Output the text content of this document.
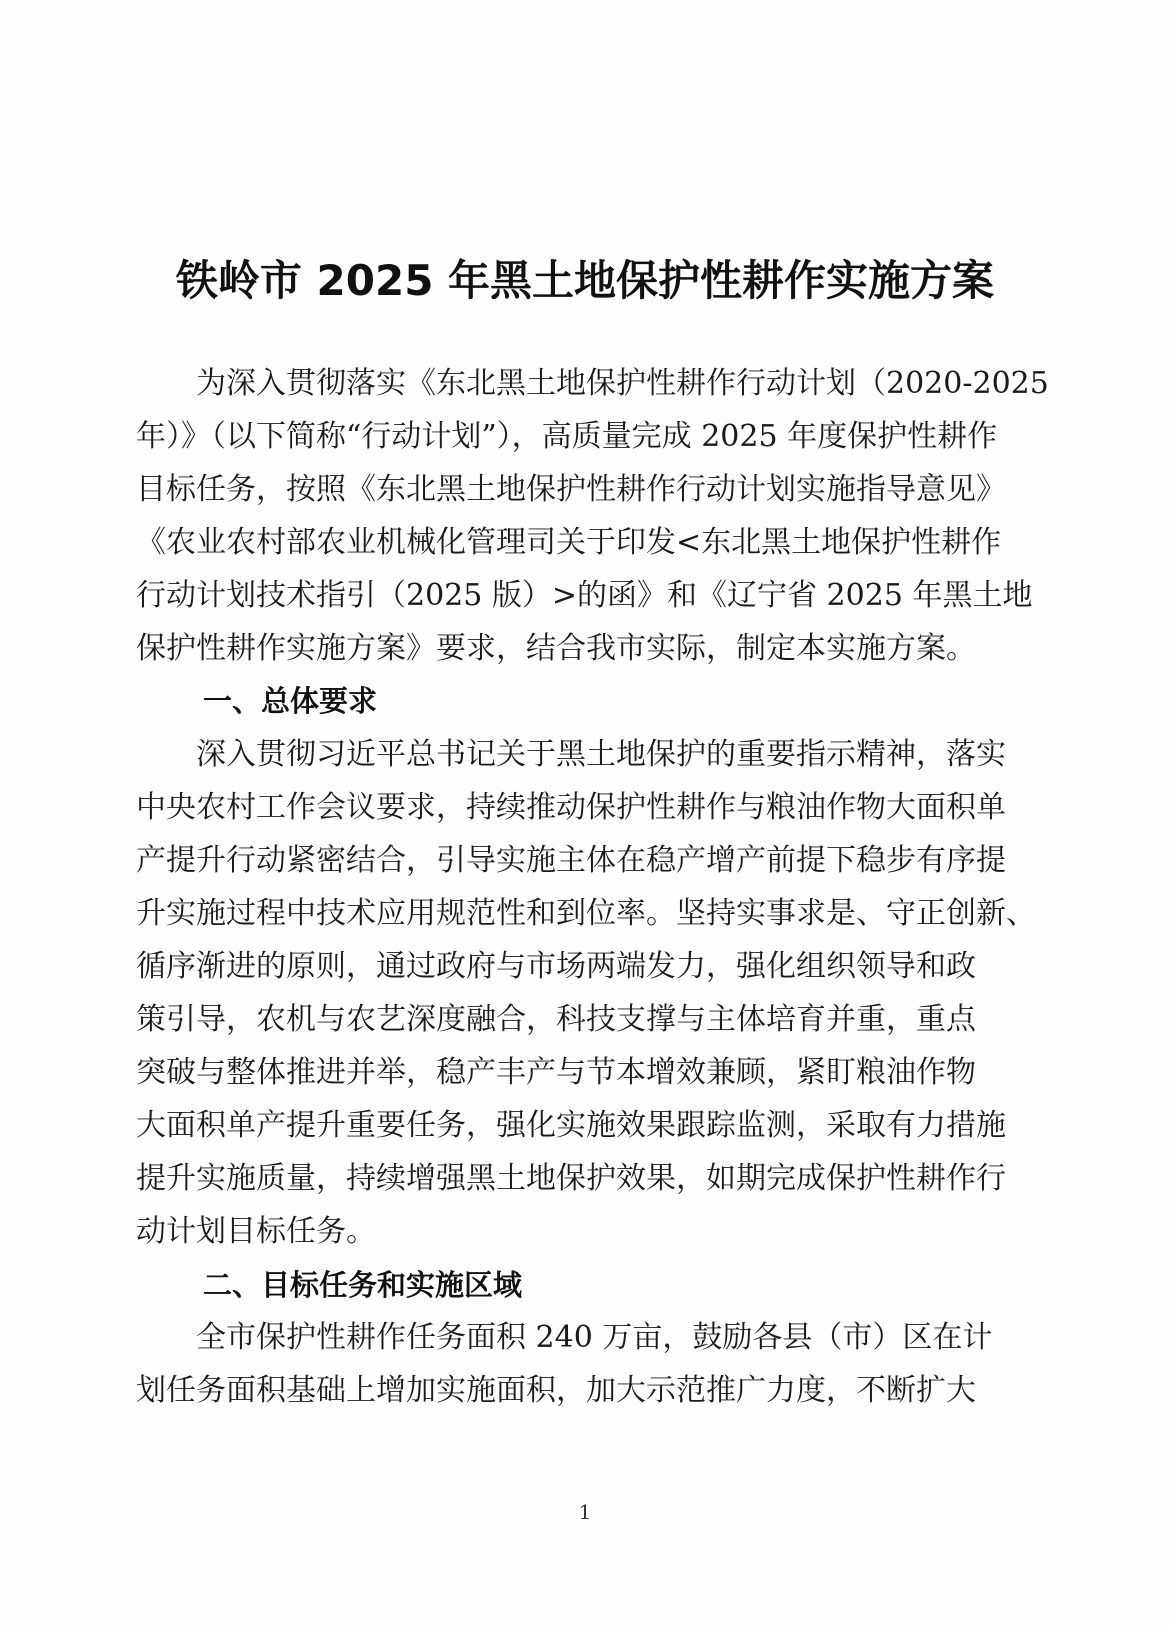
铁岭市 2025 年黑土地保护性耕作实施方案

为深入贯彻落实《东北黑土地保护性耕作行动计划（2020-2025

年）》（以下简称“行动计划”），高质量完成 2025 年度保护性耕作

目标任务，按照《东北黑土地保护性耕作行动计划实施指导意见》

《农业农村部农业机械化管理司关于印发<东北黑土地保护性耕作

行动计划技术指引（2025 版）>的函》和《辽宁省 2025 年黑土地

保护性耕作实施方案》要求，结合我市实际，制定本实施方案。

一、总体要求

深入贯彻习近平总书记关于黑土地保护的重要指示精神，落实

中央农村工作会议要求，持续推动保护性耕作与粮油作物大面积单

产提升行动紧密结合，引导实施主体在稳产增产前提下稳步有序提

升实施过程中技术应用规范性和到位率。坚持实事求是、守正创新、

循序渐进的原则，通过政府与市场两端发力，强化组织领导和政

策引导，农机与农艺深度融合，科技支撑与主体培育并重，重点

突破与整体推进并举，稳产丰产与节本增效兼顾，紧盯粮油作物

大面积单产提升重要任务，强化实施效果跟踪监测，采取有力措施

提升实施质量，持续增强黑土地保护效果，如期完成保护性耕作行

动计划目标任务。

二、目标任务和实施区域

全市保护性耕作任务面积 240 万亩，鼓励各县（市）区在计

划任务面积基础上增加实施面积，加大示范推广力度，不断扩大

1
